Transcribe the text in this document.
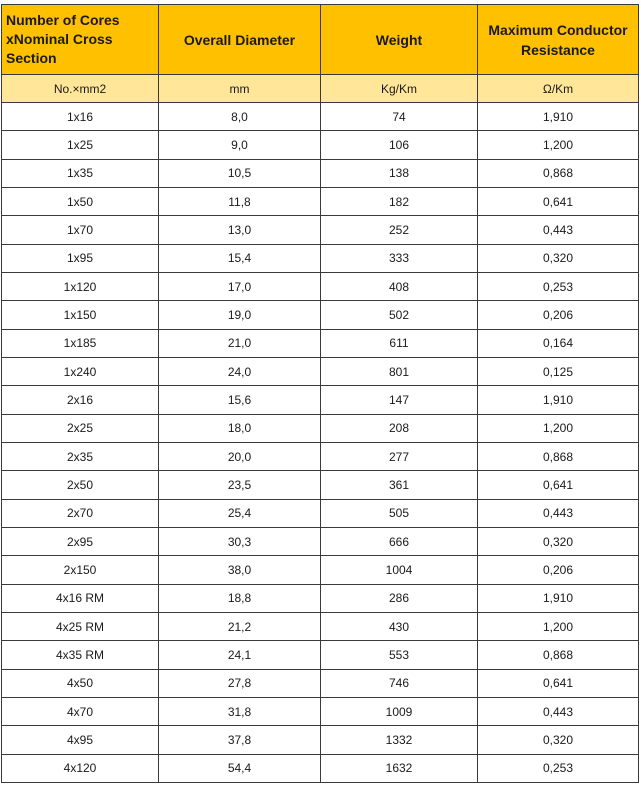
Number of Cores xNominal Cross Section	Overall Diameter	Weight	Maximum Conductor Resistance
No.×mm2	mm	Kg/Km	Ω/Km
1x16	8,0	74	1,910
1x25	9,0	106	1,200
1x35	10,5	138	0,868
1x50	11,8	182	0,641
1x70	13,0	252	0,443
1x95	15,4	333	0,320
1x120	17,0	408	0,253
1x150	19,0	502	0,206
1x185	21,0	611	0,164
1x240	24,0	801	0,125
2x16	15,6	147	1,910
2x25	18,0	208	1,200
2x35	20,0	277	0,868
2x50	23,5	361	0,641
2x70	25,4	505	0,443
2x95	30,3	666	0,320
2x150	38,0	1004	0,206
4x16 RM	18,8	286	1,910
4x25 RM	21,2	430	1,200
4x35 RM	24,1	553	0,868
4x50	27,8	746	0,641
4x70	31,8	1009	0,443
4x95	37,8	1332	0,320
4x120	54,4	1632	0,253
